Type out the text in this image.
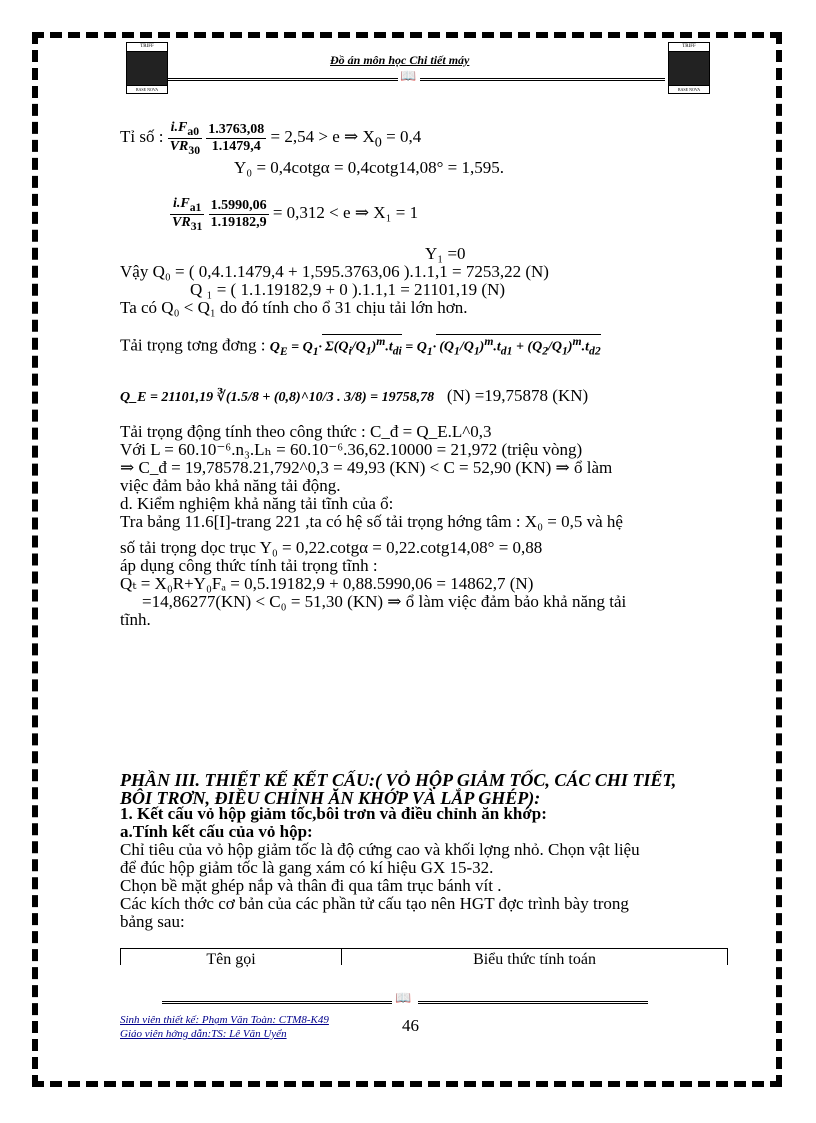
TRIFF
BASE NOVA
TRIFF
BASE NOVA
Đồ án môn học Chi tiết máy
📖
Tỉ số : $\frac{i.F_{a0}}{VR_{30}}$
$\frac{1.3763,08}{1.1479,4} = 2,54 > e$ ⇒ $X_0 = 0,4$
Y₀ = 0,4cotgα = 0,4cotg14,08° = 1,595.
$\frac{i.F_{a1}}{VR_{31}}$
$\frac{1.5990,06}{1.19182,9} = 0,312 < e$ ⇒ X₁ = 1
Y₁ =0
Vậy Q₀ = ( 0,4.1.1479,4 + 1,595.3763,06 ).1.1,1 = 7253,22 (N)
Q ₁ = ( 1.1.19182,9 + 0 ).1.1,1 = 21101,19 (N)
Ta có Q₀ < Q₁ do đó tính cho ổ 31 chịu tải lớn hơn.
Tải trọng tơng đơng : $Q_E = Q_1\cdot \Sigma(Q_i/Q_1)^m.t_{di} = Q_1\cdot (Q_1/Q_1)^m.t_{d1} + (Q_2/Q_1)^m.t_{d2}$
Q_E = 21101,19 ∛(1.5/8 + (0,8)^10/3 . 3/8) = 19758,78 (N) =19,75878 (KN)
Tải trọng động tính theo công thức : C_đ = Q_E.L^0,3
Với L = 60.10⁻⁶.n₃.Lₕ = 60.10⁻⁶.36,62.10000 = 21,972 (triệu vòng)
⇒ C_đ = 19,78578.21,792^0,3 = 49,93 (KN) < C = 52,90 (KN) ⇒ ổ làm
việc đảm bảo khả năng tải động.
d. Kiểm nghiệm khả năng tải tĩnh của ổ:
Tra bảng 11.6[I]-trang 221 ,ta có hệ số tải trọng hớng tâm : X₀ = 0,5 và hệ
số tải trọng dọc trục Y₀ = 0,22.cotgα = 0,22.cotg14,08° = 0,88
áp dụng công thức tính tải trọng tĩnh :
Qₜ = X₀R+Y₀Fₐ = 0,5.19182,9 + 0,88.5990,06 = 14862,7 (N)
=14,86277(KN) < C₀ = 51,30 (KN) ⇒ ổ làm việc đảm bảo khả năng tải
tĩnh.
PHẦN III. THIẾT KẾ KẾT CẤU:( VỎ HỘP GIẢM TỐC, CÁC CHI TIẾT,
BÔI TRƠN, ĐIỀU CHỈNH ĂN KHỚP VÀ LẮP GHÉP):
1. Kết cấu vỏ hộp giảm tốc,bôi trơn và điều chỉnh ăn khớp:
a.Tính kết cấu của vỏ hộp:
Chỉ tiêu của vỏ hộp giảm tốc là độ cứng cao và khối lợng nhỏ. Chọn vật liệu
để đúc hộp giảm tốc là gang xám có kí hiệu GX 15-32.
Chọn bề mặt ghép nắp và thân đi qua tâm trục bánh vít .
Các kích thớc cơ bản của các phần tử cấu tạo nên HGT đợc trình bày trong
bảng sau:
Tên gọi	Biểu thức tính toán
📖
Sinh viên thiết kế: Phạm Văn Toàn: CTM8-K49
Giáo viên hớng dẫn:TS: Lê Văn Uyển	46
